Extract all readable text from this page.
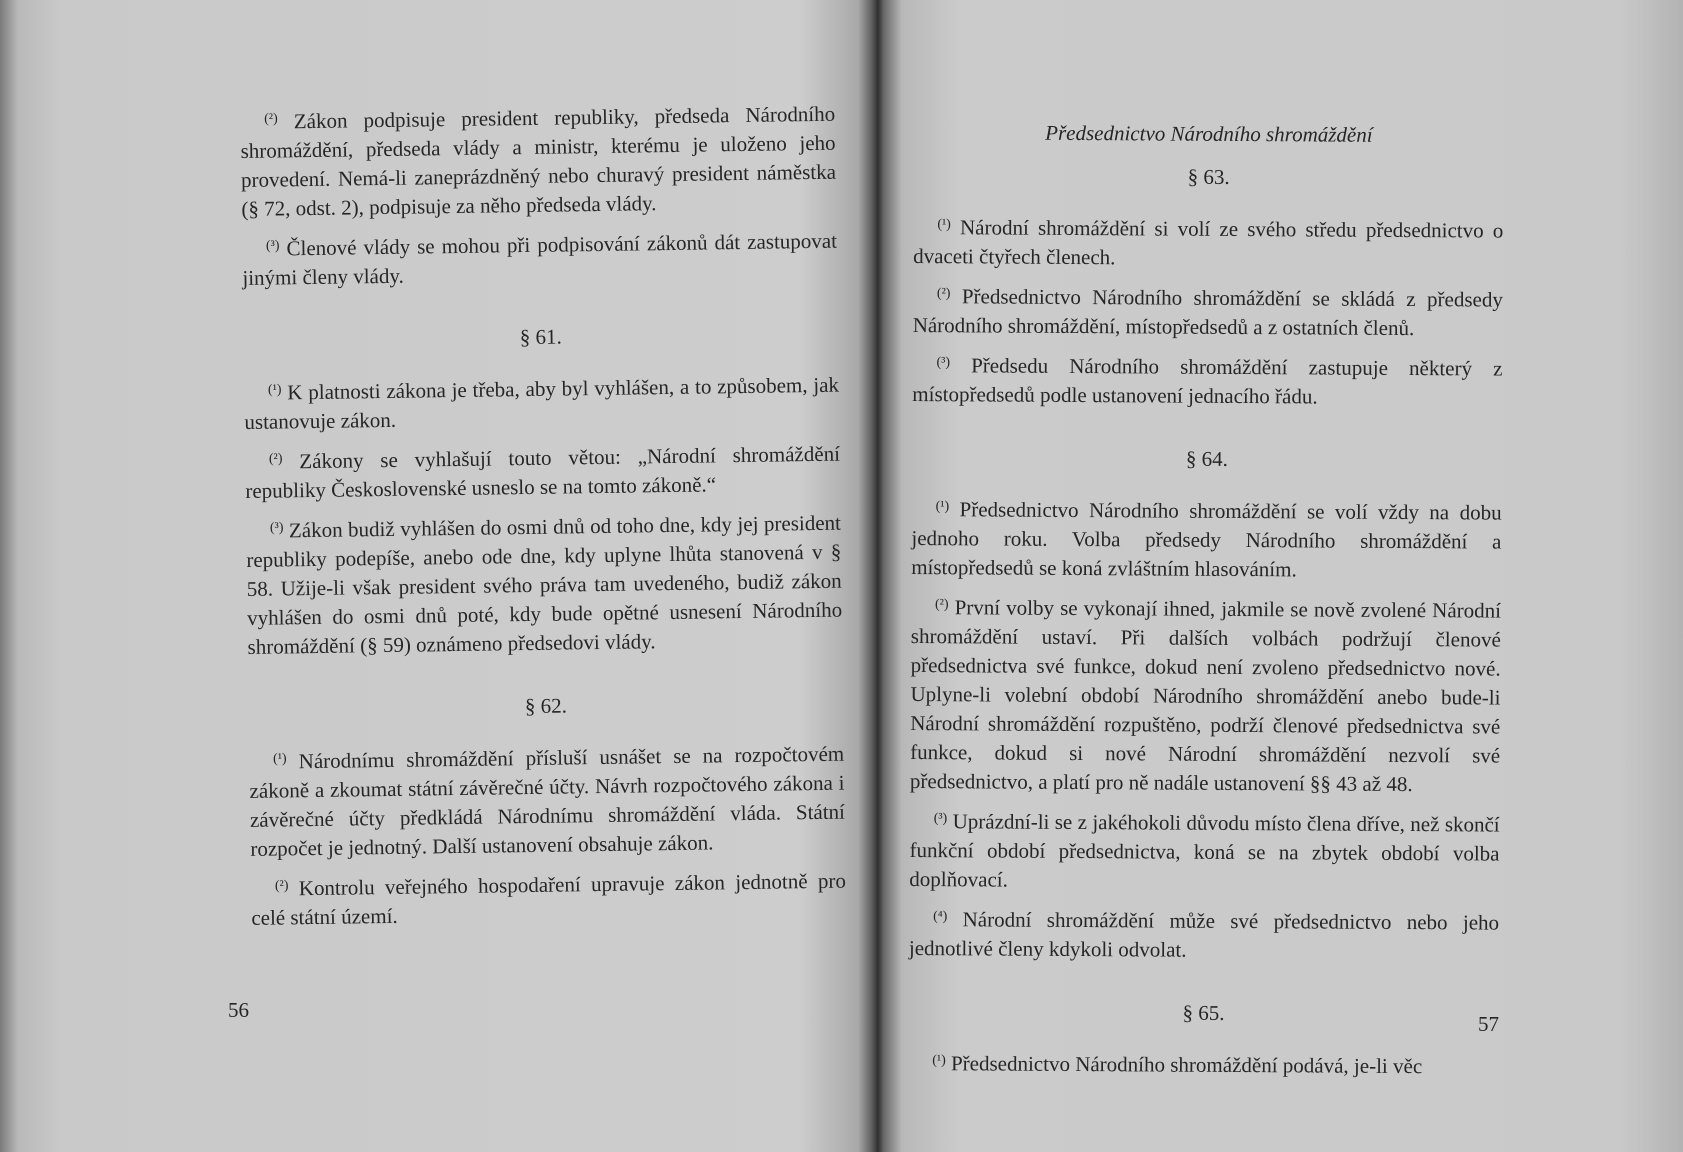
$^{(^2)}$ Zákon podpisuje president republiky, předseda Národního shromáždění, předseda vlády a ministr, kterému je uloženo jeho provedení. Nemá-li zaneprázdněný nebo churavý president náměstka (§ 72, odst. 2), podpisuje za něho předseda vlády.

$^{(^3)}$ Členové vlády se mohou při podpisování zákonů dát zastupovat jinými členy vlády.

§ 61.

$^{(^1)}$ K platnosti zákona je třeba, aby byl vyhlášen, a to způsobem, jak ustanovuje zákon.

$^{(^2)}$ Zákony se vyhlašují touto větou: „Národní shromáždění republiky Československé usneslo se na tomto zákoně.“

$^{(^3)}$ Zákon budiž vyhlášen do osmi dnů od toho dne, kdy jej president republiky podepíše, anebo ode dne, kdy uplyne lhůta stanovená v § 58. Užije-li však president svého práva tam uvedeného, budiž zákon vyhlášen do osmi dnů poté, kdy bude opětné usnesení Národního shromáždění (§ 59) oznámeno předsedovi vlády.

§ 62.

$^{(^1)}$ Národnímu shromáždění přísluší usnášet se na rozpočtovém zákoně a zkoumat státní závěrečné účty. Návrh rozpočtového zákona i závěrečné účty předkládá Národnímu shromáždění vláda. Státní rozpočet je jednotný. Další ustanovení obsahuje zákon.

$^{(^2)}$ Kontrolu veřejného hospodaření upravuje zákon jednotně pro celé státní území.

56

Předsednictvo Národního shromáždění

§ 63.

$^{(^1)}$ Národní shromáždění si volí ze svého středu předsednictvo o dvaceti čtyřech členech.

$^{(^2)}$ Předsednictvo Národního shromáždění se skládá z předsedy Národního shromáždění, místopředsedů a z ostatních členů.

$^{(^3)}$ Předsedu Národního shromáždění zastupuje některý z místopředsedů podle ustanovení jednacího řádu.

§ 64.

$^{(^1)}$ Předsednictvo Národního shromáždění se volí vždy na dobu jednoho roku. Volba předsedy Národního shromáždění a místopředsedů se koná zvláštním hlasováním.

$^{(^2)}$ První volby se vykonají ihned, jakmile se nově zvolené Národní shromáždění ustaví. Při dalších volbách podržují členové předsednictva své funkce, dokud není zvoleno předsednictvo nové. Uplyne-li volební období Národního shromáždění anebo bude-li Národní shromáždění rozpuštěno, podrží členové předsednictva své funkce, dokud si nové Národní shromáždění nezvolí své předsednictvo, a platí pro ně nadále ustanovení §§ 43 až 48.

$^{(^3)}$ Uprázdní-li se z jakéhokoli důvodu místo člena dříve, než skončí funkční období předsednictva, koná se na zbytek období volba doplňovací.

$^{(^4)}$ Národní shromáždění může své předsednictvo nebo jeho jednotlivé členy kdykoli odvolat.

§ 65.

$^{(^1)}$ Předsednictvo Národního shromáždění podává, je-li věc

57
